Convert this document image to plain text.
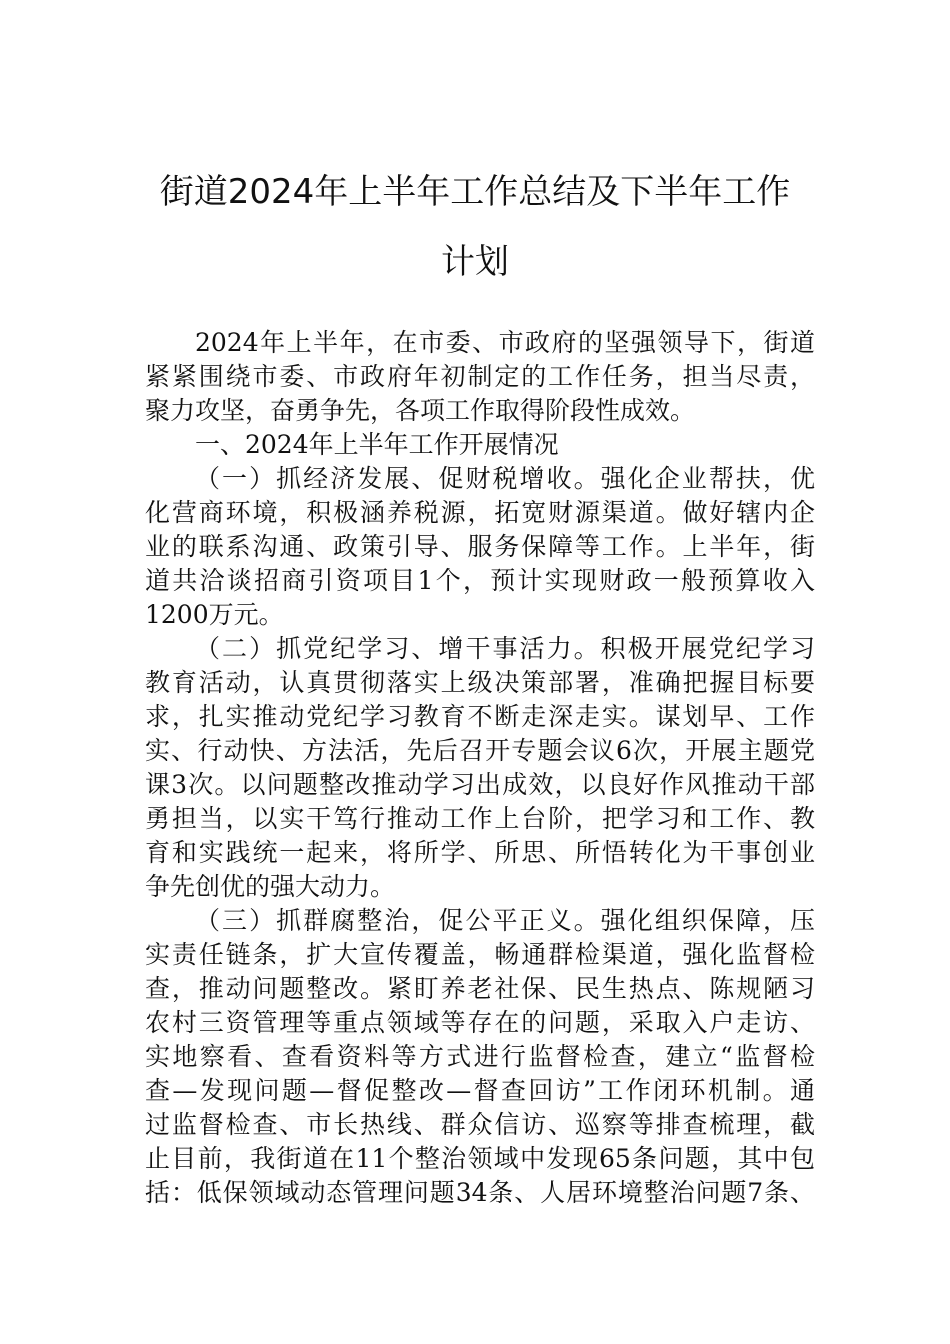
街道2024年上半年工作总结及下半年工作
计划
2024年上半年，在市委、市政府的坚强领导下，街道
紧紧围绕市委、市政府年初制定的工作任务，担当尽责，
聚力攻坚，奋勇争先，各项工作取得阶段性成效。
一、2024年上半年工作开展情况
（一）抓经济发展、促财税增收。强化企业帮扶，优
化营商环境，积极涵养税源，拓宽财源渠道。做好辖内企
业的联系沟通、政策引导、服务保障等工作。上半年，街
道共洽谈招商引资项目1个，预计实现财政一般预算收入
1200万元。
（二）抓党纪学习、增干事活力。积极开展党纪学习
教育活动，认真贯彻落实上级决策部署，准确把握目标要
求，扎实推动党纪学习教育不断走深走实。谋划早、工作
实、行动快、方法活，先后召开专题会议6次，开展主题党
课3次。以问题整改推动学习出成效，以良好作风推动干部
勇担当，以实干笃行推动工作上台阶，把学习和工作、教
育和实践统一起来，将所学、所思、所悟转化为干事创业
争先创优的强大动力。
（三）抓群腐整治，促公平正义。强化组织保障，压
实责任链条，扩大宣传覆盖，畅通群检渠道，强化监督检
查，推动问题整改。紧盯养老社保、民生热点、陈规陋习
农村三资管理等重点领域等存在的问题，采取入户走访、
实地察看、查看资料等方式进行监督检查，建立“监督检
查—发现问题—督促整改—督查回访”工作闭环机制。通
过监督检查、市长热线、群众信访、巡察等排查梳理，截
止目前，我街道在11个整治领域中发现65条问题，其中包
括：低保领域动态管理问题34条、人居环境整治问题7条、
